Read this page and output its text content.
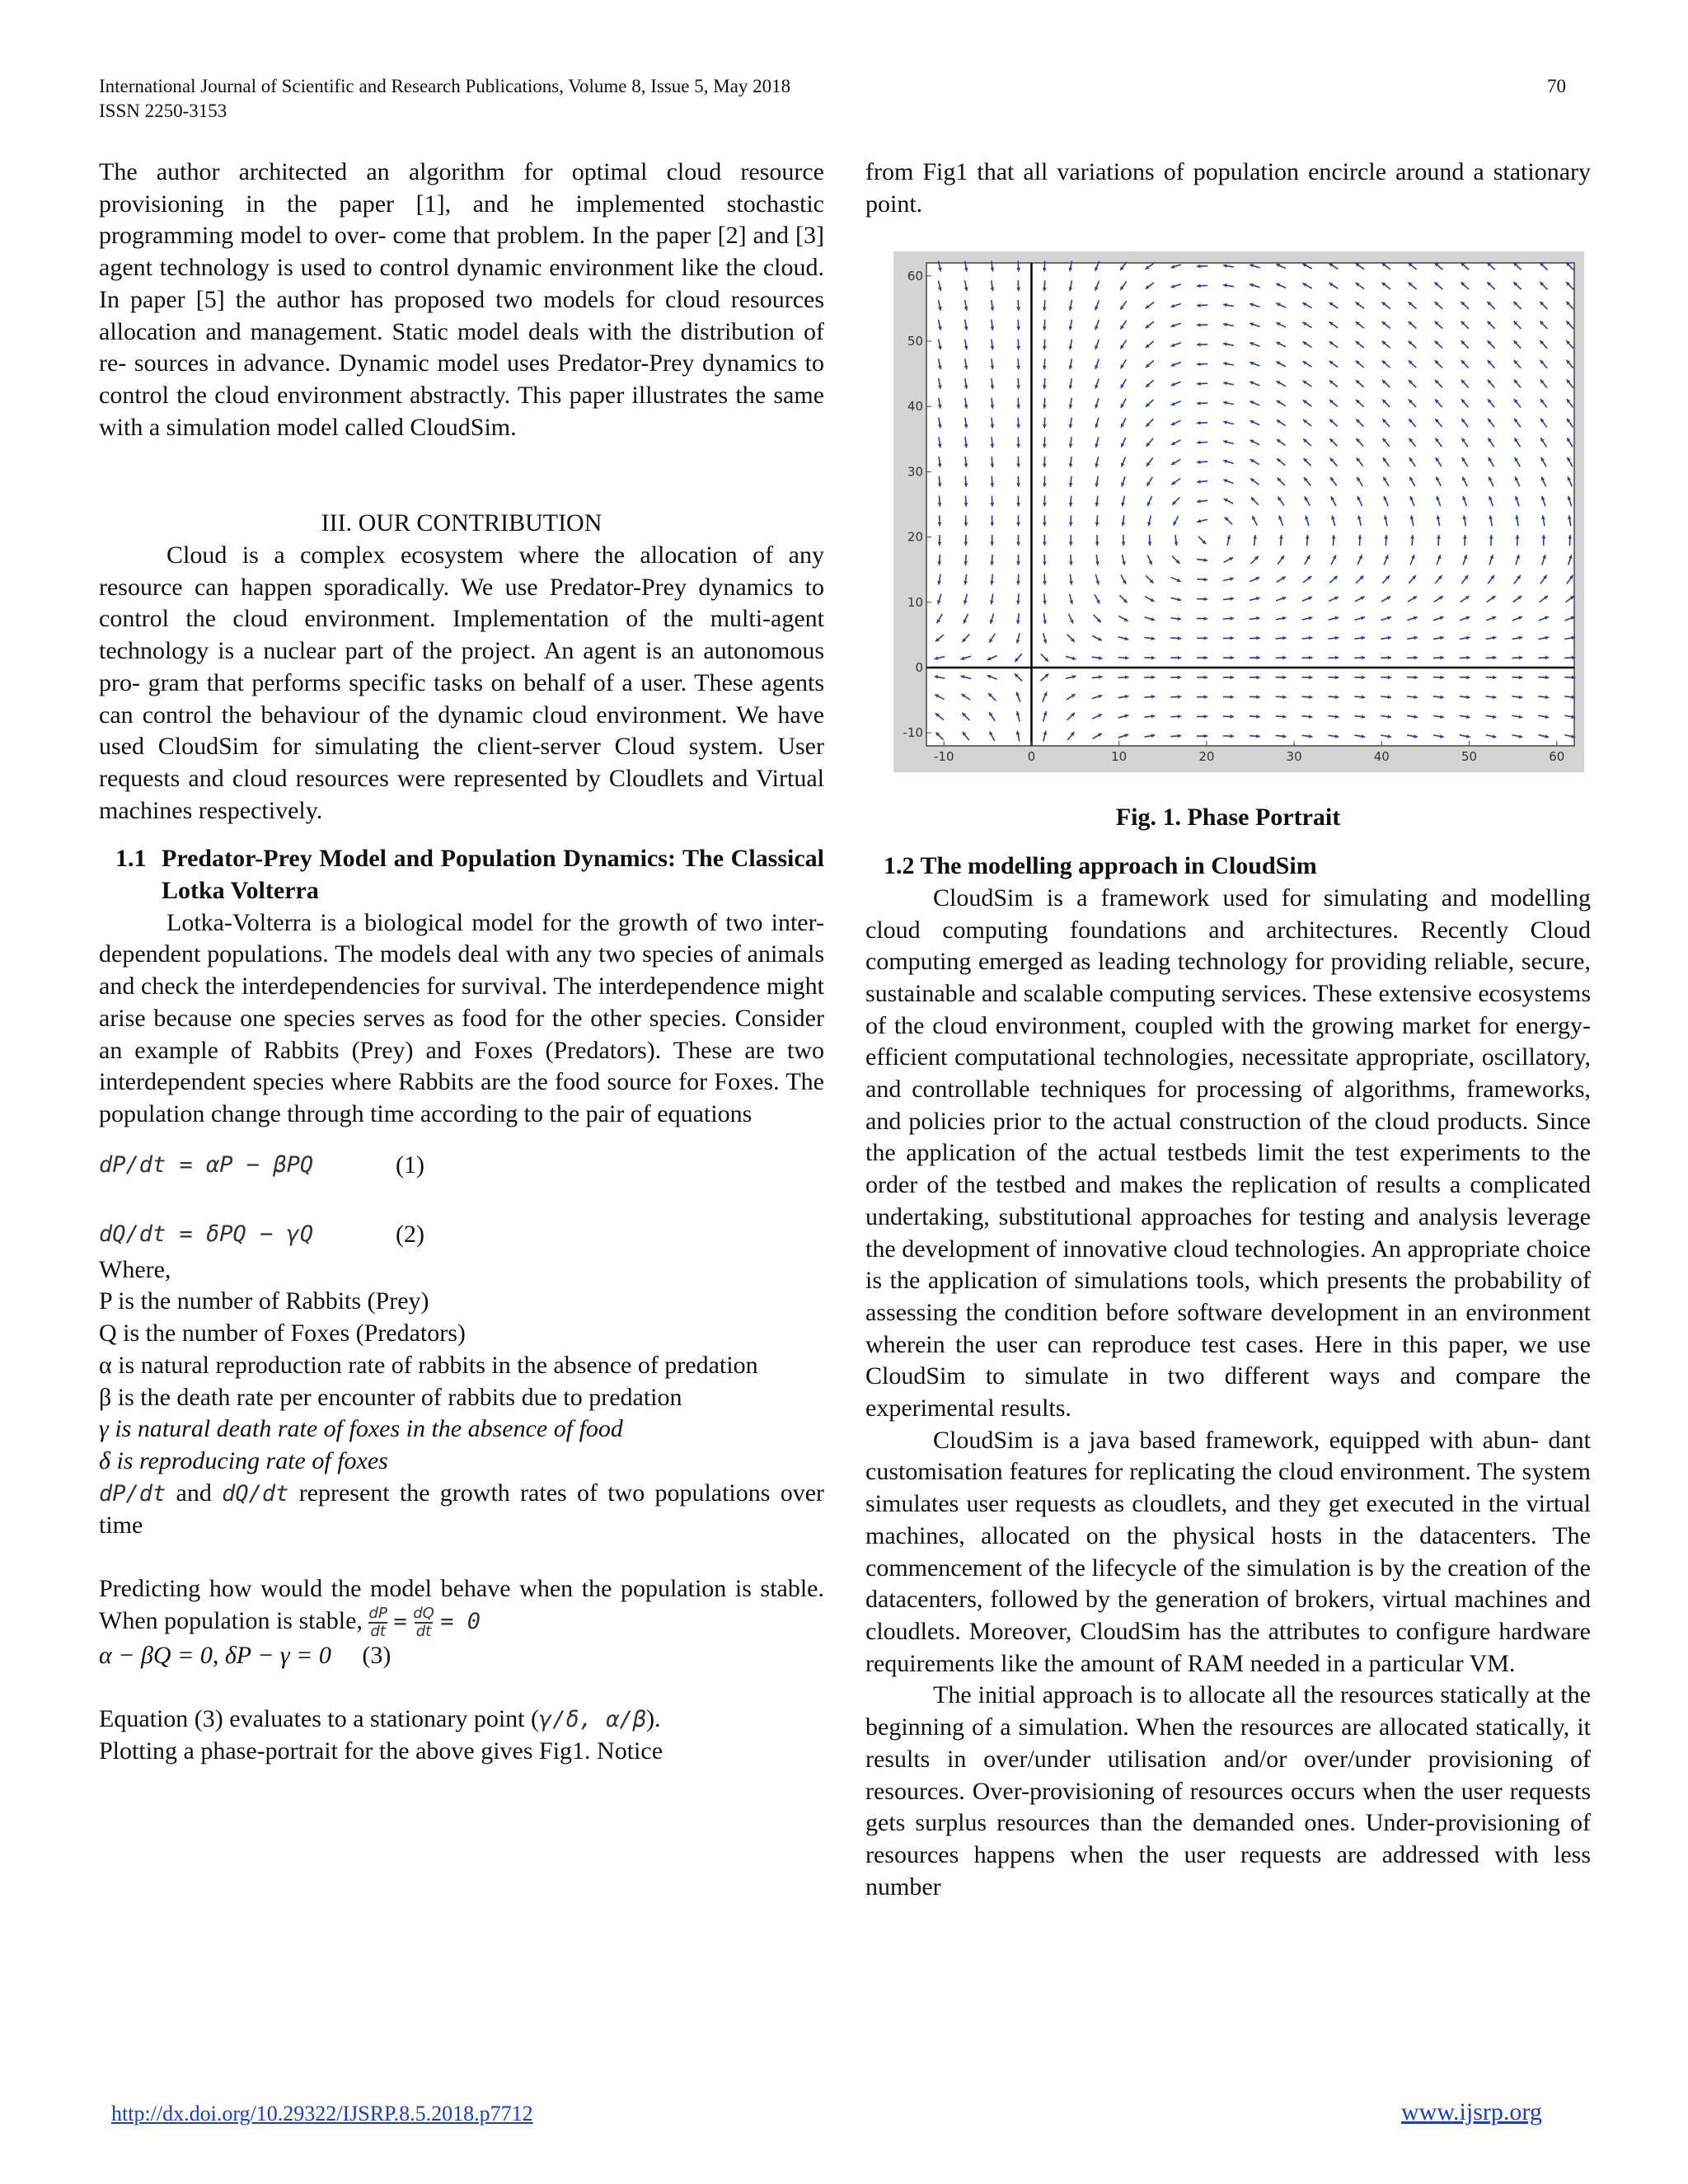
International Journal of Scientific and Research Publications, Volume 8, Issue 5, May 2018
ISSN 2250-3153
70

The author architected an algorithm for optimal cloud resource provisioning in the paper [1], and he implemented stochastic programming model to over- come that problem. In the paper [2] and [3] agent technology is used to control dynamic environment like the cloud. In paper [5] the author has proposed two models for cloud resources allocation and management. Static model deals with the distribution of re- sources in advance. Dynamic model uses Predator-Prey dynamics to control the cloud environment abstractly. This paper illustrates the same with a simulation model called CloudSim.

III. OUR CONTRIBUTION

Cloud is a complex ecosystem where the allocation of any resource can happen sporadically. We use Predator-Prey dynamics to control the cloud environment. Implementation of the multi-agent technology is a nuclear part of the project. An agent is an autonomous pro- gram that performs specific tasks on behalf of a user. These agents can control the behaviour of the dynamic cloud environment. We have used CloudSim for simulating the client-server Cloud system. User requests and cloud resources were represented by Cloudlets and Virtual machines respectively.

1.1 Predator-Prey Model and Population Dynamics: The Classical Lotka Volterra

Lotka-Volterra is a biological model for the growth of two inter- dependent populations. The models deal with any two species of animals and check the interdependencies for survival. The interdependence might arise because one species serves as food for the other species. Consider an example of Rabbits (Prey) and Foxes (Predators). These are two interdependent species where Rabbits are the food source for Foxes. The population change through time according to the pair of equations

dP/dt = αP − βPQ	(1)
dQ/dt = δPQ − γQ	(2)

Where,

P is the number of Rabbits (Prey)

Q is the number of Foxes (Predators)

α is natural reproduction rate of rabbits in the absence of predation

β is the death rate per encounter of rabbits due to predation

γ is natural death rate of foxes in the absence of food

δ is reproducing rate of foxes

dP/dt and dQ/dt represent the growth rates of two populations over time

Predicting how would the model behave when the population is stable. When population is stable, $\frac{dP}{dt} = \frac{dQ}{dt} = 0$

α − βQ = 0, δP − γ = 0 (3)

Equation (3) evaluates to a stationary point (γ/δ, α/β).

Plotting a phase-portrait for the above gives Fig1. Notice

from Fig1 that all variations of population encircle around a stationary point.

-10	0	10	20	30	40	50	60
60
50
40
30
20
10
0
-10

Fig. 1. Phase Portrait

1.2 The modelling approach in CloudSim

CloudSim is a framework used for simulating and modelling cloud computing foundations and architectures. Recently Cloud computing emerged as leading technology for providing reliable, secure, sustainable and scalable computing services. These extensive ecosystems of the cloud environment, coupled with the growing market for energy-efficient computational technologies, necessitate appropriate, oscillatory, and controllable techniques for processing of algorithms, frameworks, and policies prior to the actual construction of the cloud products. Since the application of the actual testbeds limit the test experiments to the order of the testbed and makes the replication of results a complicated undertaking, substitutional approaches for testing and analysis leverage the development of innovative cloud technologies. An appropriate choice is the application of simulations tools, which presents the probability of assessing the condition before software development in an environment wherein the user can reproduce test cases. Here in this paper, we use CloudSim to simulate in two different ways and compare the experimental results.

CloudSim is a java based framework, equipped with abun- dant customisation features for replicating the cloud environment. The system simulates user requests as cloudlets, and they get executed in the virtual machines, allocated on the physical hosts in the datacenters. The commencement of the lifecycle of the simulation is by the creation of the datacenters, followed by the generation of brokers, virtual machines and cloudlets. Moreover, CloudSim has the attributes to configure hardware requirements like the amount of RAM needed in a particular VM.

The initial approach is to allocate all the resources statically at the beginning of a simulation. When the resources are allocated statically, it results in over/under utilisation and/or over/under provisioning of resources. Over-provisioning of resources occurs when the user requests gets surplus resources than the demanded ones. Under-provisioning of resources happens when the user requests are addressed with less number

http://dx.doi.org/10.29322/IJSRP.8.5.2018.p7712	www.ijsrp.org
